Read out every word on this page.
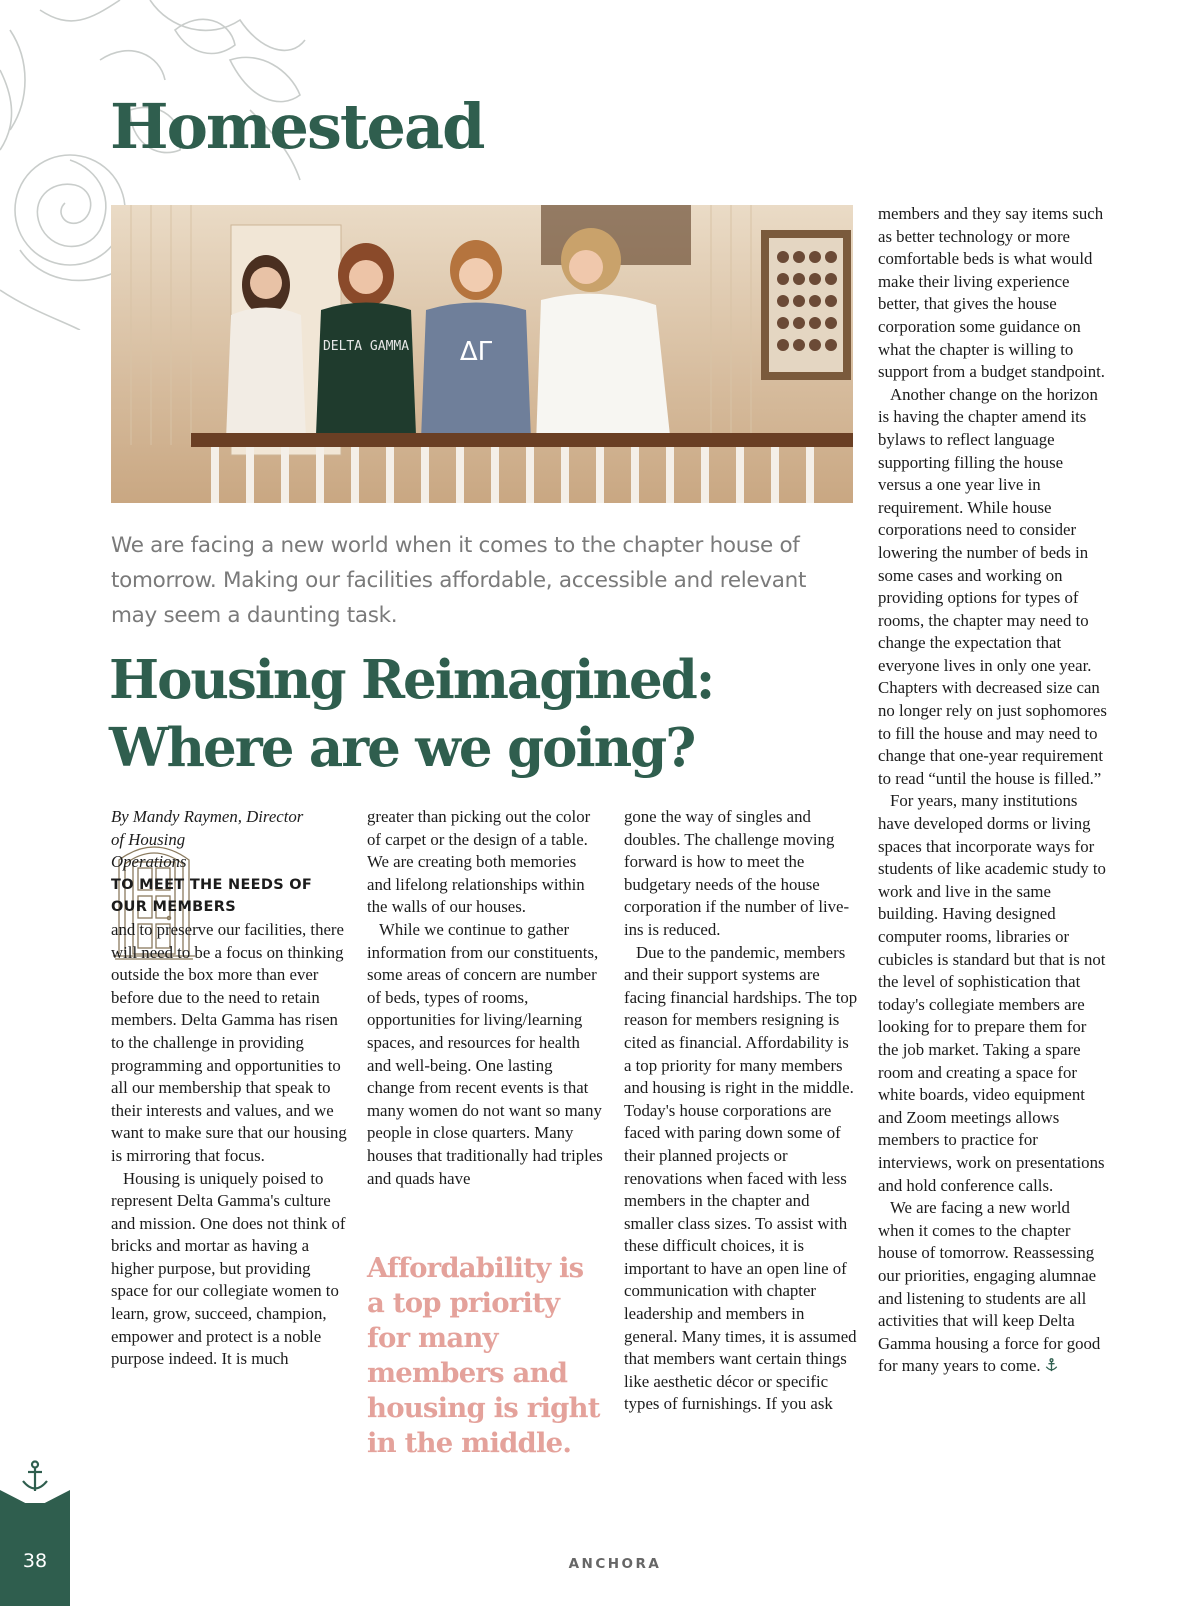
Homestead
DELTA GAMMA ΔΓ

We are facing a new world when it comes to the chapter house of tomorrow. Making our facilities affordable, accessible and relevant may seem a daunting task.

Housing Reimagined:
Where are we going?

By Mandy Raymen, Director

of Housing

Operations

TO MEET THE NEEDS OF OUR MEMBERS

and to preserve our facilities, there will need to be a focus on thinking outside the box more than ever before due to the need to retain members. Delta Gamma has risen to the challenge in providing programming and opportunities to all our membership that speak to their interests and values, and we want to make sure that our housing is mirroring that focus.

Housing is uniquely poised to represent Delta Gamma's culture and mission. One does not think of bricks and mortar as having a higher purpose, but providing space for our collegiate women to learn, grow, succeed, champion, empower and protect is a noble purpose indeed. It is much

greater than picking out the color of carpet or the design of a table. We are creating both memories and lifelong relationships within the walls of our houses.

While we continue to gather information from our constituents, some areas of concern are number of beds, types of rooms, opportunities for living/learning spaces, and resources for health and well-being. One lasting change from recent events is that many women do not want so many people in close quarters. Many houses that traditionally had triples and quads have

Affordability is a top priority for many members and housing is right in the middle.

gone the way of singles and doubles. The challenge moving forward is how to meet the budgetary needs of the house corporation if the number of live-ins is reduced.

Due to the pandemic, members and their support systems are facing financial hardships. The top reason for members resigning is cited as financial. Affordability is a top priority for many members and housing is right in the middle. Today's house corporations are faced with paring down some of their planned projects or renovations when faced with less members in the chapter and smaller class sizes. To assist with these difficult choices, it is important to have an open line of communication with chapter leadership and members in general. Many times, it is assumed that members want certain things like aesthetic décor or specific types of furnishings. If you ask

members and they say items such as better technology or more comfortable beds is what would make their living experience better, that gives the house corporation some guidance on what the chapter is willing to support from a budget standpoint.

Another change on the horizon is having the chapter amend its bylaws to reflect language supporting filling the house versus a one year live in requirement. While house corporations need to consider lowering the number of beds in some cases and working on providing options for types of rooms, the chapter may need to change the expectation that everyone lives in only one year. Chapters with decreased size can no longer rely on just sophomores to fill the house and may need to change that one-year requirement to read “until the house is filled.”

For years, many institutions have developed dorms or living spaces that incorporate ways for students of like academic study to work and live in the same building. Having designed computer rooms, libraries or cubicles is standard but that is not the level of sophistication that today's collegiate members are looking for to prepare them for the job market. Taking a spare room and creating a space for white boards, video equipment and Zoom meetings allows members to practice for interviews, work on presentations and hold conference calls.

We are facing a new world when it comes to the chapter house of tomorrow. Reassessing our priorities, engaging alumnae and listening to students are all activities that will keep Delta Gamma housing a force for good for many years to come.

38	ANCHORA
